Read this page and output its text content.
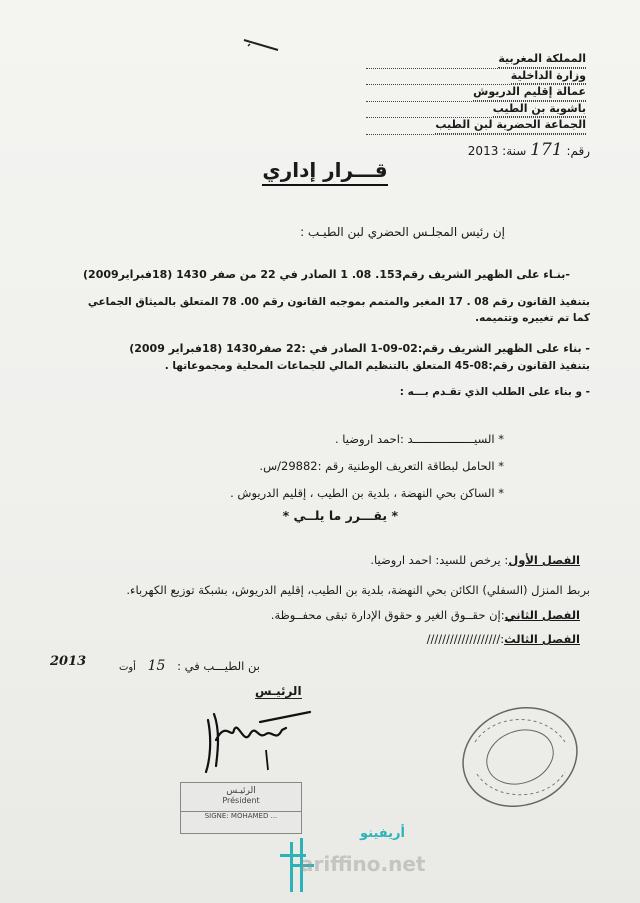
المملكة المغربية
وزارة الداخلية
عمالة إقليم الدريوش
باشوية بن الطيب
الجماعة الحضرية لبن الطيب
رقم: 171 سنة: 2013
قـــرار إداري
إن رئيس المجلـس الحضري لبن الطيـب :
-بنـاء على الظهير الشريف رقم153. 08. 1 الصادر في 22 من صفر 1430 (18فبراير2009)
بتنفيذ القانون رقم 08 . 17 المغير والمتمم بموجبه القانون رقم 00. 78 المتعلق بالميثاق الجماعي
كما تم تغييره وتتميمه.
- بناء على الظهير الشريف رقم:02-09-1 الصادر في :22 صفر1430 (18فبراير 2009)
بتنفيذ القانون رقم:08-45 المتعلق بالتنظيم المالي للجماعات المحلية ومجموعاتها .
- و بناء على الطلب الذي تقـدم بـــه :
* السيــــــــــــــــــد :احمد اروضيا .
* الحامل لبطاقة التعريف الوطنية رقم :29882/س.
* الساكن بحي النهضة ، بلدية بن الطيب ، إقليم الدريوش .
* يقـــرر ما يلــي *
الفصل الأول: يرخص للسيد: احمد اروضيا.
بربط المنزل (السفلي) الكائن بحي النهضة، بلدية بن الطيب، إقليم الدريوش، بشبكة توزيع الكهرباء.
الفصل الثاني:إن حقــوق الغير و حقوق الإدارة تبقى محفــوظة.
الفصل الثالث:///////////////////
بن الطيـــب في : 15 أوت
2013
الرئيـس
الرئيـس
Président
SIGNE: MOHAMED ...
أريفينو
ariffino.net
